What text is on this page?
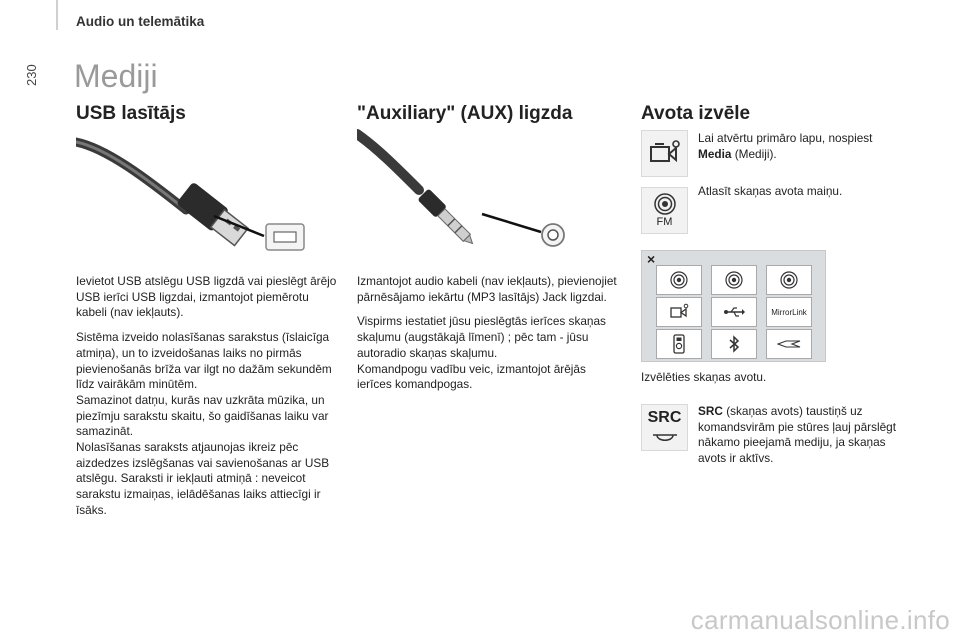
Audio un telemātika
230 Mediji
USB lasītājs

Ievietot USB atslēgu USB ligzdā vai pieslēgt ārējo USB ierīci USB ligzdai, izmantojot piemērotu kabeli (nav iekļauts).

Sistēma izveido nolasīšanas sarakstus (īslaicīga atmiņa), un to izveidošanas laiks no pirmās pievienošanās brīža var ilgt no dažām sekundēm līdz vairākām minūtēm.

Samazinot datņu, kurās nav uzkrāta mūzika, un piezīmju sarakstu skaitu, šo gaidīšanas laiku var samazināt.

Nolasīšanas saraksts atjaunojas ikreiz pēc aizdedzes izslēgšanas vai savienošanas ar USB atslēgu. Saraksti ir iekļauti atmiņā : neveicot sarakstu izmaiņas, ielādēšanas laiks attiecīgi ir īsāks.

"Auxiliary" (AUX) ligzda

Izmantojot audio kabeli (nav iekļauts), pievienojiet pārnēsājamo iekārtu (MP3 lasītājs) Jack ligzdai.

Vispirms iestatiet jūsu pieslēgtās ierīces skaņas skaļumu (augstākajā līmenī) ; pēc tam - jūsu autoradio skaņas skaļumu.

Komandpogu vadību veic, izmantojot ārējās ierīces komandpogas.

Avota izvēle
Lai atvērtu primāro lapu, nospiest Media (Mediji).
FM
Atlasīt skaņas avota maiņu.
×
MirrorLink
Izvēlēties skaņas avotu.
SRC	SRC (skaņas avots) taustiņš uz komandsvirām pie stūres ļauj pārslēgt nākamo pieejamā mediju, ja skaņas avots ir aktīvs.
carmanualsonline.info
